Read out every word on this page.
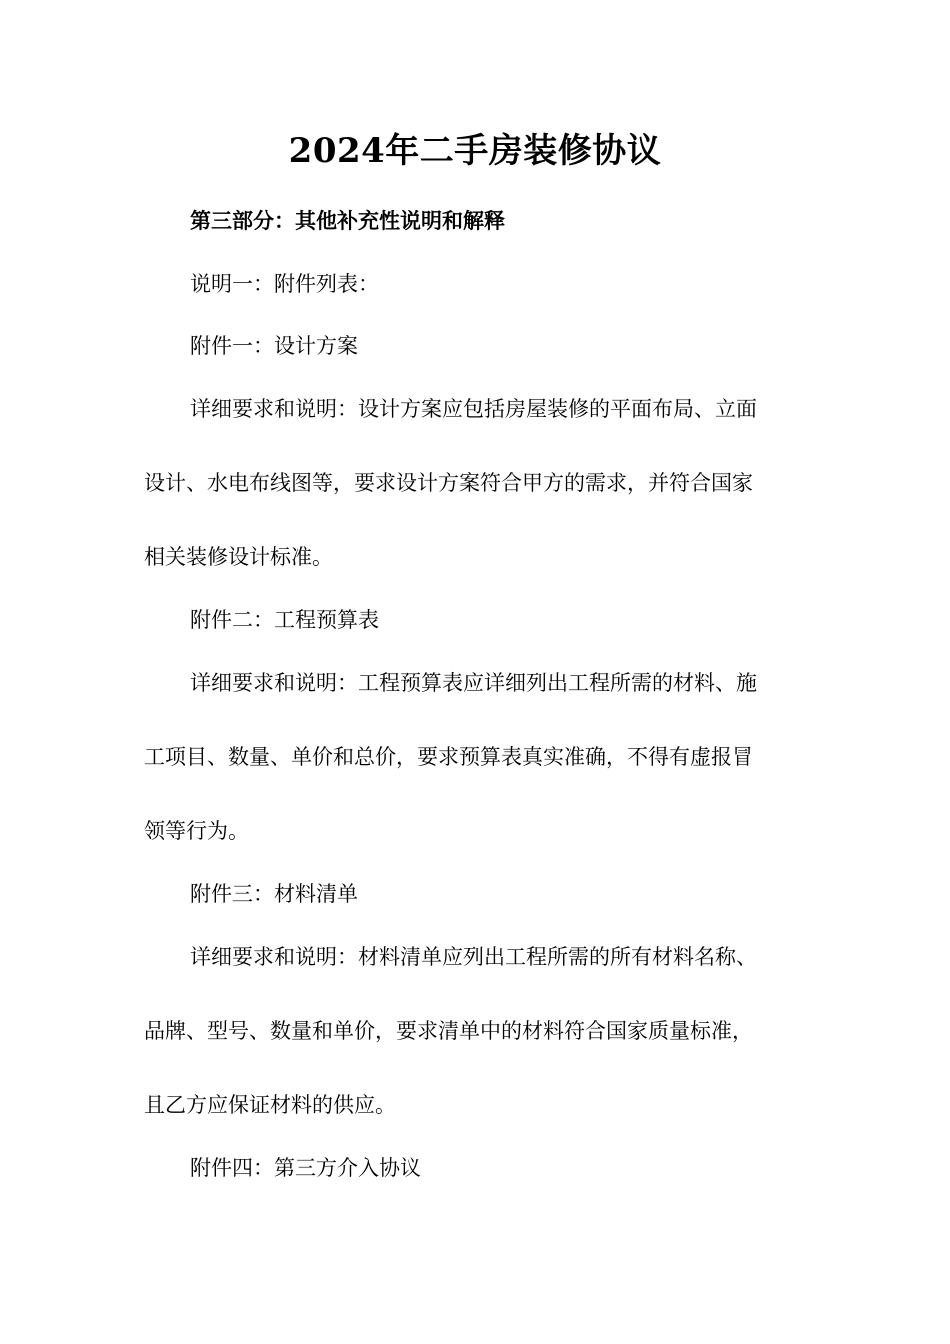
2024年二手房装修协议
第三部分：其他补充性说明和解释
说明一：附件列表：
附件一：设计方案
详细要求和说明：设计方案应包括房屋装修的平面布局、立面
设计、水电布线图等，要求设计方案符合甲方的需求，并符合国家
相关装修设计标准。
附件二：工程预算表
详细要求和说明：工程预算表应详细列出工程所需的材料、施
工项目、数量、单价和总价，要求预算表真实准确，不得有虚报冒
领等行为。
附件三：材料清单
详细要求和说明：材料清单应列出工程所需的所有材料名称、
品牌、型号、数量和单价，要求清单中的材料符合国家质量标准，
且乙方应保证材料的供应。
附件四：第三方介入协议
